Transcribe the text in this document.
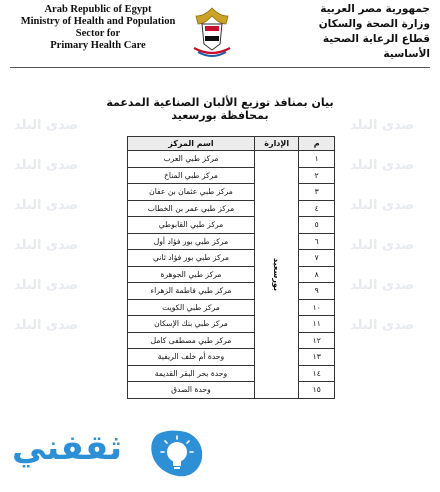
Arab Republic of Egypt
Ministry of Health and Population
Sector for
Primary Health Care
جمهورية مصر العربية
وزارة الصحة والسكان
قطاع الرعاية الصحية الأساسية
صدى البلد
صدى البلد
صدى البلد
صدى البلد
صدى البلد
صدى البلد
صدى البلد
صدى البلد
صدى البلد
صدى البلد
صدى البلد
صدى البلد
بيان بمنافذ توزيع الألبان الصناعية المدعمة
بمحافظة بورسعيد
م	الإدارة	اسم المركز
١	بورسعيد	مركز طبي العرب
٢		مركز طبي المناخ
٣		مركز طبي عثمان بن عفان
٤		مركز طبي عمر بن الخطاب
٥		مركز طبي القابوطي
٦		مركز طبي بور فؤاد أول
٧		مركز طبي بور فؤاد ثاني
٨		مركز طبي الجوهرة
٩		مركز طبي فاطمة الزهراء
١٠		مركز طبي الكويت
١١		مركز طبي بنك الإسكان
١٢		مركز طبي مصطفى كامل
١٣		وحدة أم خلف الريفية
١٤		وحدة بحر البقر القديمة
١٥		وحدة الصدق
ثقفني
